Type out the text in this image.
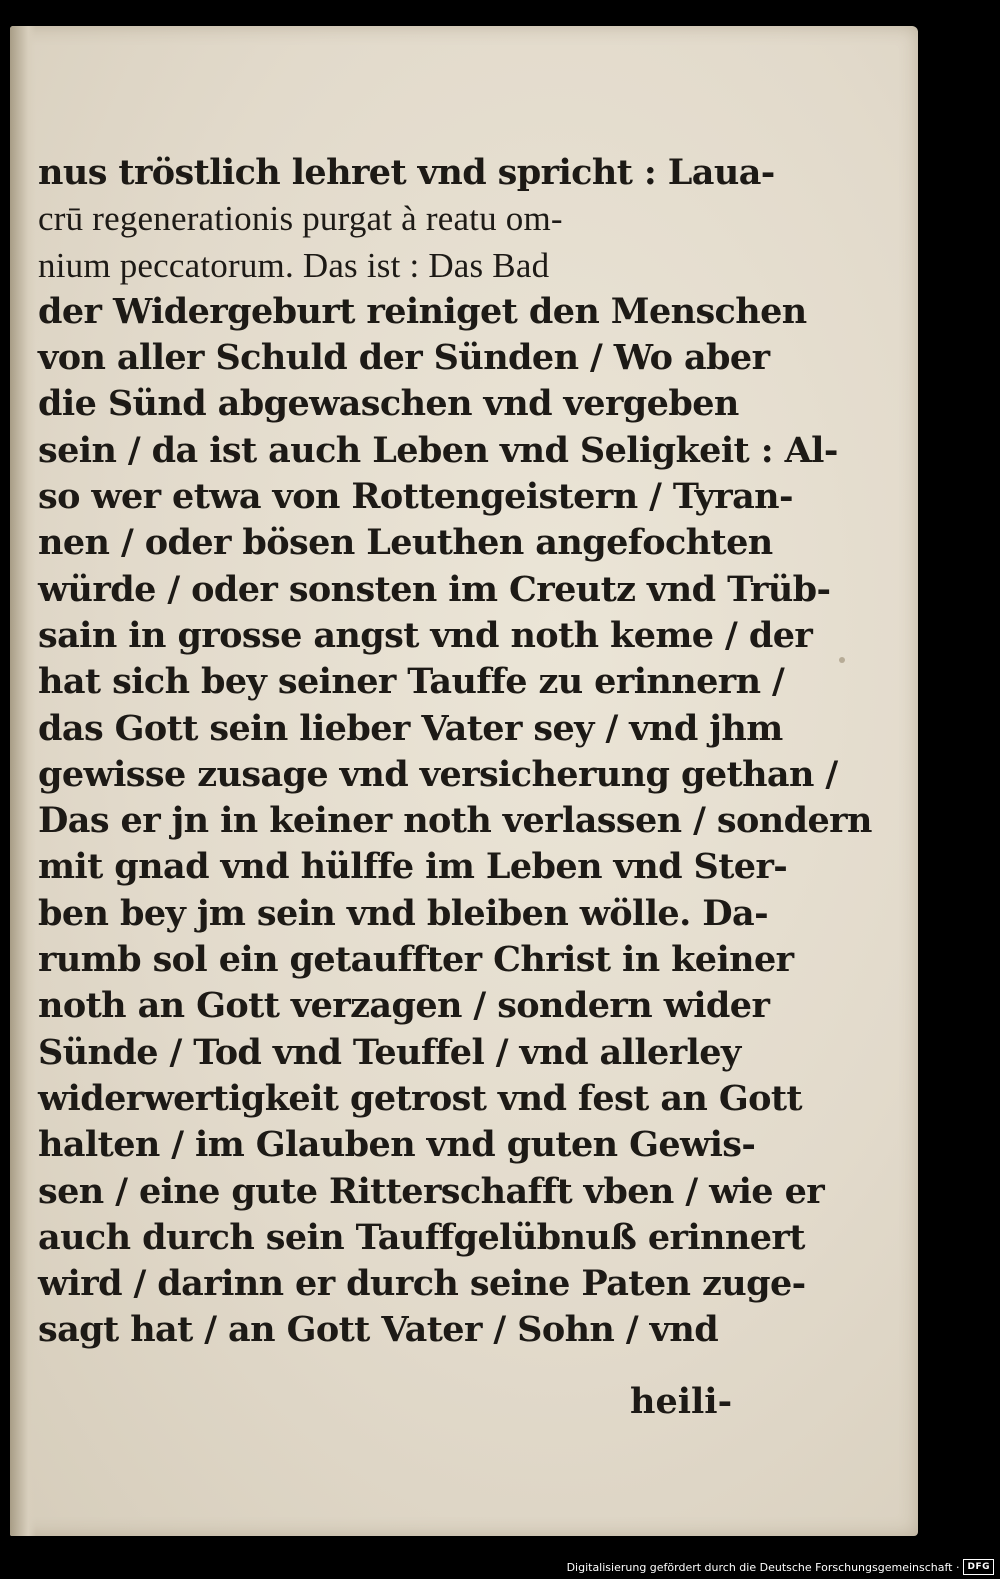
nus tröstlich lehret vnd spricht : Laua-
crū regenerationis purgat à reatu om-
nium peccatorum. Das ist : Das Bad
der Widergeburt reiniget den Menschen
von aller Schuld der Sünden / Wo aber
die Sünd abgewaschen vnd vergeben
sein / da ist auch Leben vnd Seligkeit : Al-
so wer etwa von Rottengeistern / Tyran-
nen / oder bösen Leuthen angefochten
würde / oder sonsten im Creutz vnd Trüb-
sain in grosse angst vnd noth keme / der
hat sich bey seiner Tauffe zu erinnern /
das Gott sein lieber Vater sey / vnd jhm
gewisse zusage vnd versicherung gethan /
Das er jn in keiner noth verlassen / sondern
mit gnad vnd hülffe im Leben vnd Ster-
ben bey jm sein vnd bleiben wölle. Da-
rumb sol ein getauffter Christ in keiner
noth an Gott verzagen / sondern wider
Sünde / Tod vnd Teuffel / vnd allerley
widerwertigkeit getrost vnd fest an Gott
halten / im Glauben vnd guten Gewis-
sen / eine gute Ritterschafft vben / wie er
auch durch sein Tauffgelübnuß erinnert
wird / darinn er durch seine Paten zuge-
sagt hat / an Gott Vater / Sohn / vnd
heili-
Digitalisierung gefördert durch die Deutsche Forschungsgemeinschaft · DFG
